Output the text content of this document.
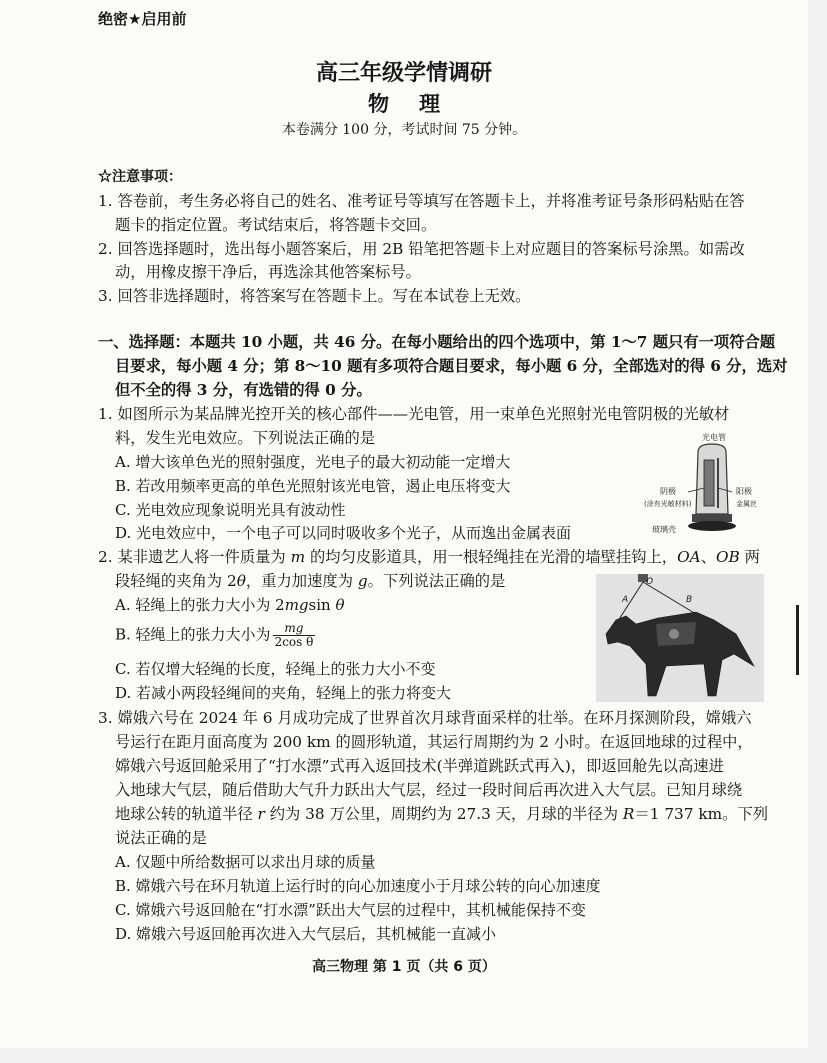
绝密★启用前
高三年级学情调研
物理
本卷满分 100 分，考试时间 75 分钟。
☆注意事项：
1. 答卷前，考生务必将自己的姓名、准考证号等填写在答题卡上，并将准考证号条形码粘贴在答
题卡的指定位置。考试结束后，将答题卡交回。
2. 回答选择题时，选出每小题答案后，用 2B 铅笔把答题卡上对应题目的答案标号涂黑。如需改
动，用橡皮擦干净后，再选涂其他答案标号。
3. 回答非选择题时，将答案写在答题卡上。写在本试卷上无效。
一、选择题：本题共 10 小题，共 46 分。在每小题给出的四个选项中，第 1～7 题只有一项符合题
目要求，每小题 4 分；第 8～10 题有多项符合题目要求，每小题 6 分，全部选对的得 6 分，选对
但不全的得 3 分，有选错的得 0 分。
1. 如图所示为某品牌光控开关的核心部件——光电管，用一束单色光照射光电管阴极的光敏材
料，发生光电效应。下列说法正确的是
A. 增大该单色光的照射强度，光电子的最大初动能一定增大
B. 若改用频率更高的单色光照射该光电管，遏止电压将变大
C. 光电效应现象说明光具有波动性
D. 光电效应中，一个电子可以同时吸收多个光子，从而逸出金属表面
光电管
阴极
(涂有光敏材料)
阳极
金属丝
玻璃壳
2. 某非遗艺人将一件质量为 m 的均匀皮影道具，用一根轻绳挂在光滑的墙壁挂钩上，OA、OB 两
段轻绳的夹角为 2θ，重力加速度为 g。下列说法正确的是
A. 轻绳上的张力大小为 2mgsin θ
B. 轻绳上的张力大小为 $\frac{mg}{\text{2cos θ}}$
C. 若仅增大轻绳的长度，轻绳上的张力大小不变
D. 若减小两段轻绳间的夹角，轻绳上的张力将变大
O
A	B
3. 嫦娥六号在 2024 年 6 月成功完成了世界首次月球背面采样的壮举。在环月探测阶段，嫦娥六
号运行在距月面高度为 200 km 的圆形轨道，其运行周期约为 2 小时。在返回地球的过程中，
嫦娥六号返回舱采用了“打水漂”式再入返回技术(半弹道跳跃式再入)，即返回舱先以高速进
入地球大气层，随后借助大气升力跃出大气层，经过一段时间后再次进入大气层。已知月球绕
地球公转的轨道半径 r 约为 38 万公里，周期约为 27.3 天，月球的半径为 R＝1 737 km。下列
说法正确的是
A. 仅题中所给数据可以求出月球的质量
B. 嫦娥六号在环月轨道上运行时的向心加速度小于月球公转的向心加速度
C. 嫦娥六号返回舱在“打水漂”跃出大气层的过程中，其机械能保持不变
D. 嫦娥六号返回舱再次进入大气层后，其机械能一直减小
高三物理 第 1 页（共 6 页）
